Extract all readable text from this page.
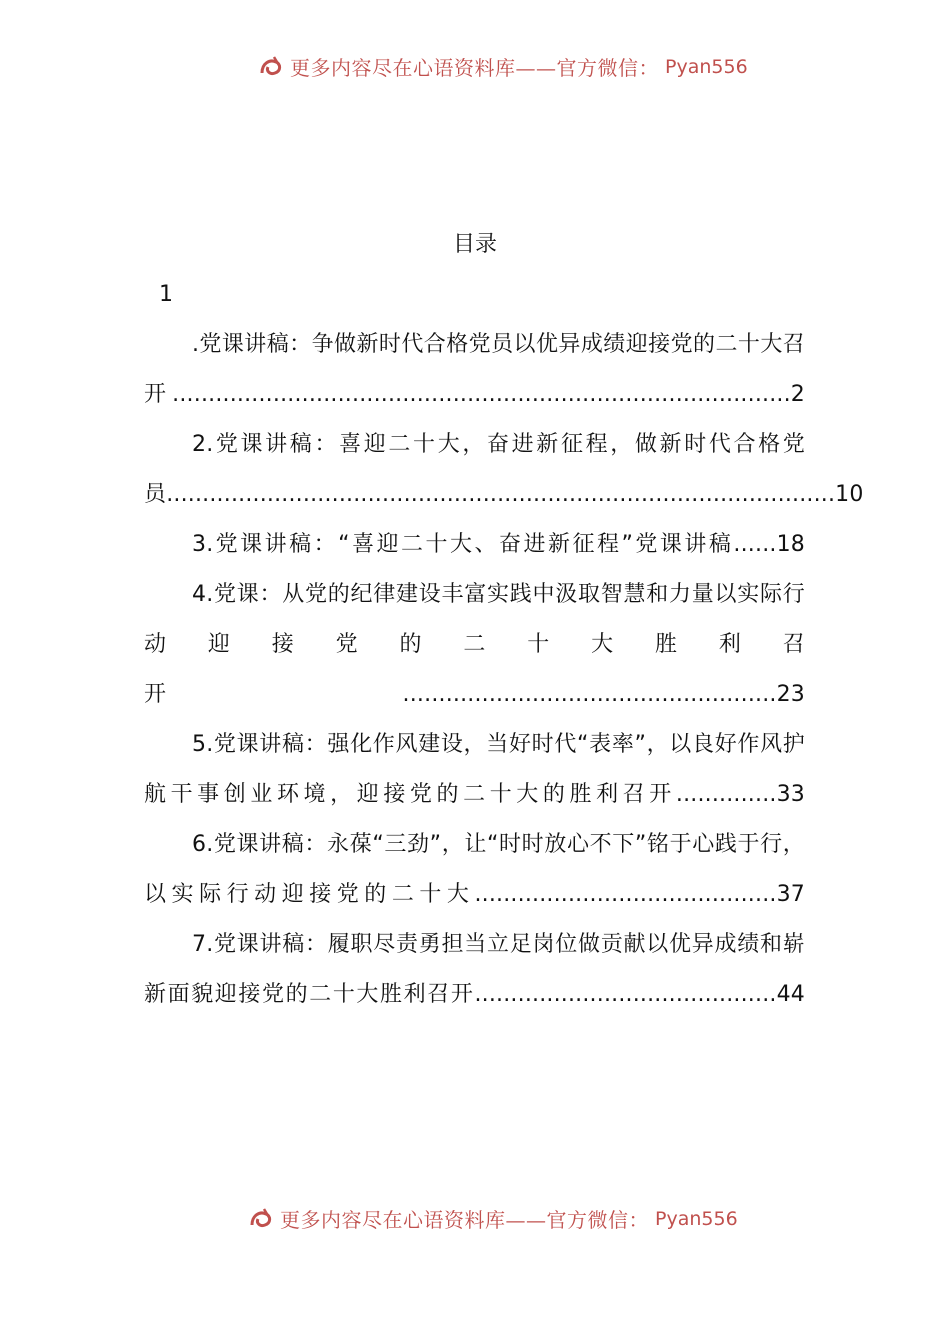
更多内容尽在心语资料库——官方微信： Pyan556
目录
1
.党课讲稿：争做新时代合格党员以优异成绩迎接党的二十大召开......................................................................................2
2.党课讲稿：喜迎二十大，奋进新征程，做新时代合格党员.............................................................................................10
3.党课讲稿：“喜迎二十大、奋进新征程”党课讲稿......18
4.党课：从党的纪律建设丰富实践中汲取智慧和力量以实际行动迎接党的二十大胜利召开....................................................23
5.党课讲稿：强化作风建设，当好时代“表率”，以良好作风护航干事创业环境，迎接党的二十大的胜利召开..............33
6.党课讲稿：永葆“三劲”，让“时时放心不下”铭于心践于行，以实际行动迎接党的二十大..........................................37
7.党课讲稿：履职尽责勇担当立足岗位做贡献以优异成绩和崭新面貌迎接党的二十大胜利召开..........................................44
更多内容尽在心语资料库——官方微信： Pyan556
